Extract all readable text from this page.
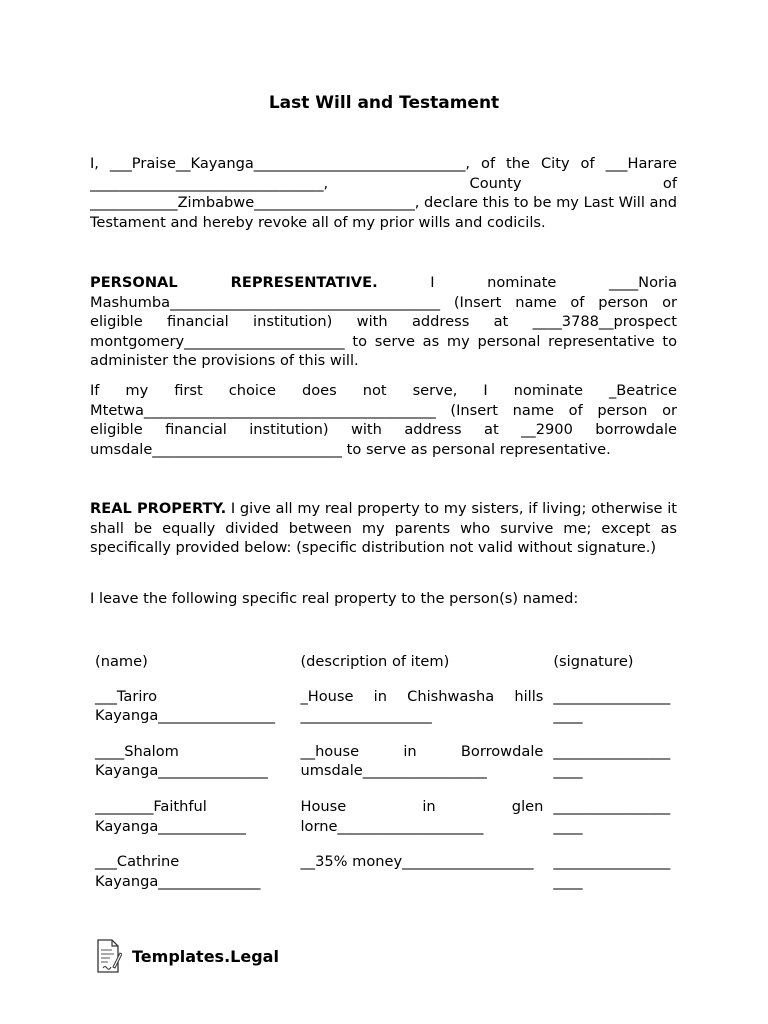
Last Will and Testament

I, ___Praise__Kayanga_____________________________, of the City of ___Harare ________________________________, County of ____________Zimbabwe______________________, declare this to be my Last Will and Testament and hereby revoke all of my prior wills and codicils.

PERSONAL REPRESENTATIVE.	I nominate ____Noria Mashumba_____________________________________ (Insert name of person or eligible financial institution) with address at ____3788__prospect montgomery______________________ to serve as my personal representative to administer the provisions of this will.

If my first choice does not serve, I nominate _Beatrice Mtetwa________________________________________ (Insert name of person or eligible financial institution) with address at __2900 borrowdale umsdale__________________________ to serve as personal representative.

REAL PROPERTY. I give all my real property to my sisters, if living; otherwise it shall be equally divided between my parents who survive me; except as specifically provided below: (specific distribution not valid without signature.)

I leave the following specific real property to the person(s) named:

(name)	(description of item)	(signature)
___Tariro Kayanga________________	_House in Chishwasha hills __________________	________________ ____
____Shalom Kayanga_______________	__house in Borrowdale umsdale_________________	________________ ____
________Faithful Kayanga____________	House in glen lorne____________________	________________ ____
___Cathrine Kayanga______________	__35% money__________________	________________ ____
Templates.Legal
